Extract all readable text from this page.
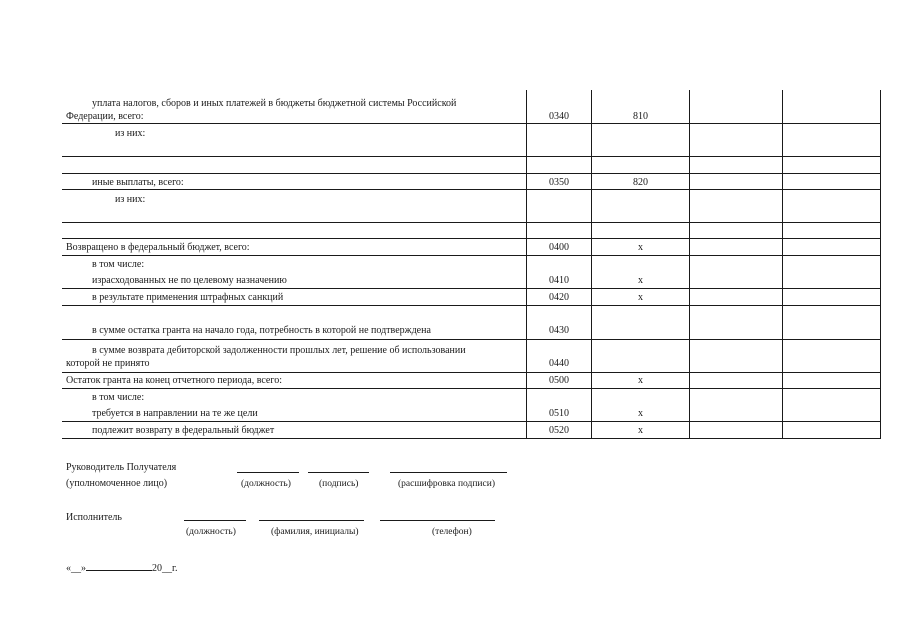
уплата налогов, сборов и иных платежей в бюджеты бюджетной системы Российской Федерации, всего:	0340	810
из них:
иные выплаты, всего:	0350	820
из них:
Возвращено в федеральный бюджет, всего:	0400	x
в том числе:
израсходованных не по целевому назначению	0410	x
в результате применения штрафных санкций	0420	x
в сумме остатка гранта на начало года, потребность в которой не подтверждена	0430
в сумме возврата дебиторской задолженности прошлых лет, решение об использовании которой не принято	0440
Остаток гранта на конец отчетного периода, всего:	0500	x
в том числе:
требуется в направлении на те же цели	0510	x
подлежит возврату в федеральный бюджет	0520	x
Руководитель Получателя
(уполномоченное лицо)	(должность)	(подпись)	(расшифровка подписи)
Исполнитель
(должность)	(фамилия, инициалы)	(телефон)
«__»	20__г.
